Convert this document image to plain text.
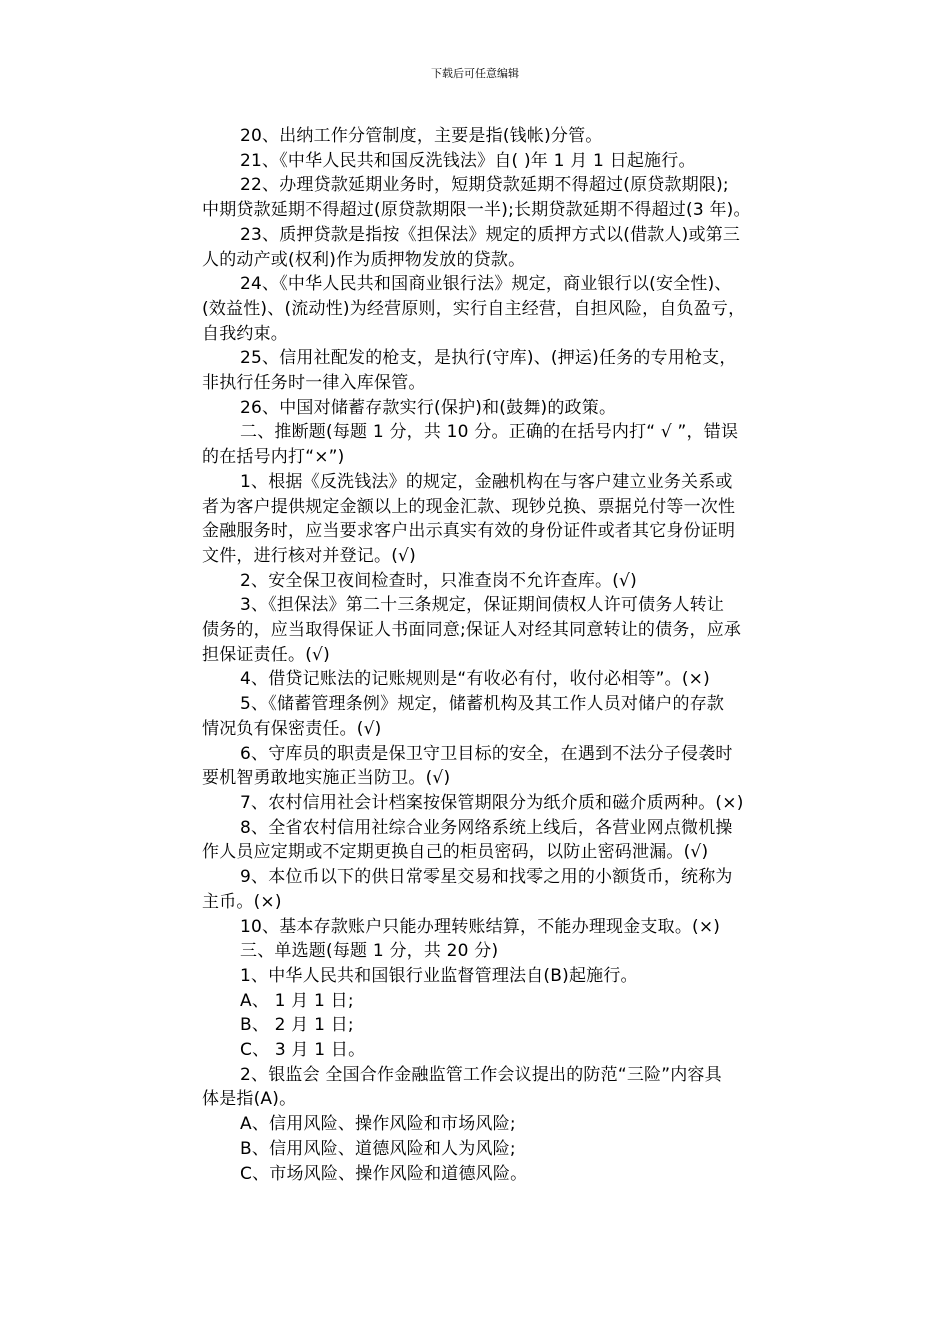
下载后可任意编辑
20、出纳工作分管制度，主要是指(钱帐)分管。
21、《中华人民共和国反洗钱法》自( )年 1 月 1 日起施行。
22、办理贷款延期业务时，短期贷款延期不得超过(原贷款期限);
中期贷款延期不得超过(原贷款期限一半);长期贷款延期不得超过(3 年)。
23、质押贷款是指按《担保法》规定的质押方式以(借款人)或第三
人的动产或(权利)作为质押物发放的贷款。
24、《中华人民共和国商业银行法》规定，商业银行以(安全性)、
(效益性)、(流动性)为经营原则，实行自主经营，自担风险，自负盈亏，
自我约束。
25、信用社配发的枪支，是执行(守库)、(押运)任务的专用枪支，
非执行任务时一律入库保管。
26、中国对储蓄存款实行(保护)和(鼓舞)的政策。
二、推断题(每题 1 分，共 10 分。正确的在括号内打“ √ ”，错误
的在括号内打“×”)
1、根据《反洗钱法》的规定，金融机构在与客户建立业务关系或
者为客户提供规定金额以上的现金汇款、现钞兑换、票据兑付等一次性
金融服务时，应当要求客户出示真实有效的身份证件或者其它身份证明
文件，进行核对并登记。(√)
2、安全保卫夜间检查时，只准查岗不允许查库。(√)
3、《担保法》第二十三条规定，保证期间债权人许可债务人转让
债务的，应当取得保证人书面同意;保证人对经其同意转让的债务，应承
担保证责任。(√)
4、借贷记账法的记账规则是“有收必有付，收付必相等”。(×)
5、《储蓄管理条例》规定，储蓄机构及其工作人员对储户的存款
情况负有保密责任。(√)
6、守库员的职责是保卫守卫目标的安全，在遇到不法分子侵袭时
要机智勇敢地实施正当防卫。(√)
7、农村信用社会计档案按保管期限分为纸介质和磁介质两种。(×)
8、全省农村信用社综合业务网络系统上线后，各营业网点微机操
作人员应定期或不定期更换自己的柜员密码，以防止密码泄漏。(√)
9、本位币以下的供日常零星交易和找零之用的小额货币，统称为
主币。(×)
10、基本存款账户只能办理转账结算，不能办理现金支取。(×)
三、单选题(每题 1 分，共 20 分)
1、中华人民共和国银行业监督管理法自(B)起施行。
A、 1 月 1 日;
B、 2 月 1 日;
C、 3 月 1 日。
2、银监会 全国合作金融监管工作会议提出的防范“三险”内容具
体是指(A)。
A、信用风险、操作风险和市场风险;
B、信用风险、道德风险和人为风险;
C、市场风险、操作风险和道德风险。
